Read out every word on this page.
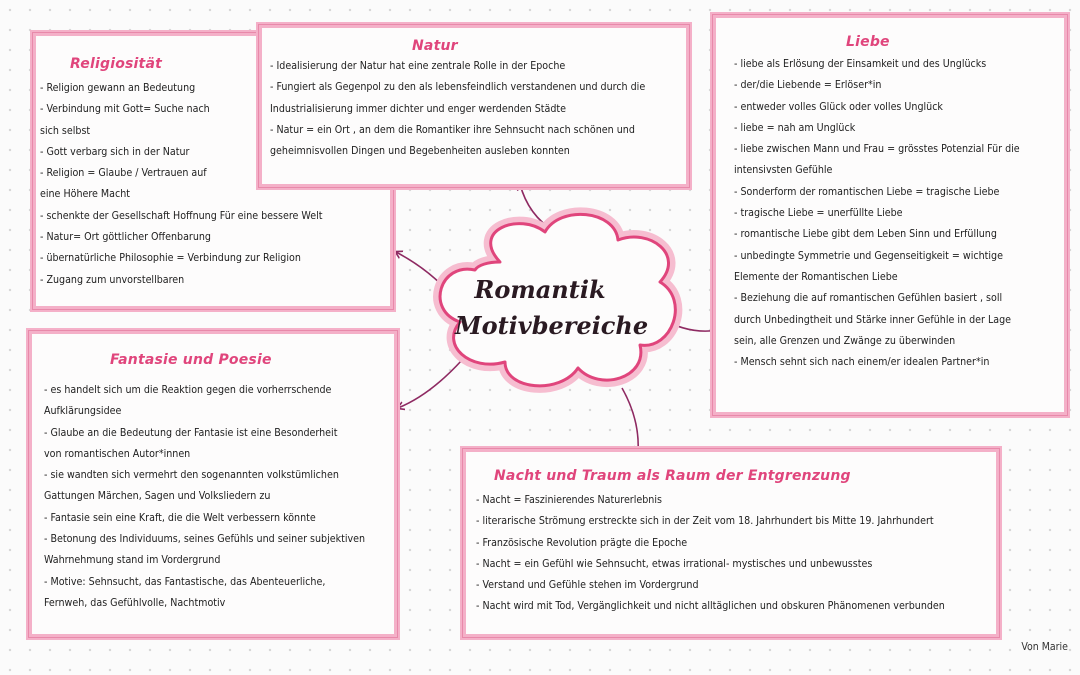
Romantik
Motivbereiche
Religiosität
- Religion gewann an Bedeutung
- Verbindung mit Gott= Suche nach
sich selbst
- Gott verbarg sich in der Natur
- Religion = Glaube / Vertrauen auf
eine Höhere Macht
- schenkte der Gesellschaft Hoffnung Für eine bessere Welt
- Natur= Ort göttlicher Offenbarung
- übernatürliche Philosophie = Verbindung zur Religion
- Zugang zum unvorstellbaren
Natur
- Idealisierung der Natur hat eine zentrale Rolle in der Epoche
- Fungiert als Gegenpol zu den als lebensfeindlich verstandenen und durch die
Industrialisierung immer dichter und enger werdenden Städte
- Natur = ein Ort , an dem die Romantiker ihre Sehnsucht nach schönen und
geheimnisvollen Dingen und Begebenheiten ausleben konnten
Liebe
- liebe als Erlösung der Einsamkeit und des Unglücks
- der/die Liebende = Erlöser*in
- entweder volles Glück oder volles Unglück
- liebe = nah am Unglück
- liebe zwischen Mann und Frau = grösstes Potenzial Für die
intensivsten Gefühle
- Sonderform der romantischen Liebe = tragische Liebe
- tragische Liebe = unerfüllte Liebe
- romantische Liebe gibt dem Leben Sinn und Erfüllung
- unbedingte Symmetrie und Gegenseitigkeit = wichtige
Elemente der Romantischen Liebe
- Beziehung die auf romantischen Gefühlen basiert , soll
durch Unbedingtheit und Stärke inner Gefühle in der Lage
sein, alle Grenzen und Zwänge zu überwinden
- Mensch sehnt sich nach einem/er idealen Partner*in
Fantasie und Poesie
- es handelt sich um die Reaktion gegen die vorherrschende
Aufklärungsidee
- Glaube an die Bedeutung der Fantasie ist eine Besonderheit
von romantischen Autor*innen
- sie wandten sich vermehrt den sogenannten volkstümlichen
Gattungen Märchen, Sagen und Volksliedern zu
- Fantasie sein eine Kraft, die die Welt verbessern könnte
- Betonung des Individuums, seines Gefühls und seiner subjektiven
Wahrnehmung stand im Vordergrund
- Motive: Sehnsucht, das Fantastische, das Abenteuerliche,
Fernweh, das Gefühlvolle, Nachtmotiv
Nacht und Traum als Raum der Entgrenzung
- Nacht = Faszinierendes Naturerlebnis
- literarische Strömung erstreckte sich in der Zeit vom 18. Jahrhundert bis Mitte 19. Jahrhundert
- Französische Revolution prägte die Epoche
- Nacht = ein Gefühl wie Sehnsucht, etwas irrational- mystisches und unbewusstes
- Verstand und Gefühle stehen im Vordergrund
- Nacht wird mit Tod, Vergänglichkeit und nicht alltäglichen und obskuren Phänomenen verbunden
Von Marie
